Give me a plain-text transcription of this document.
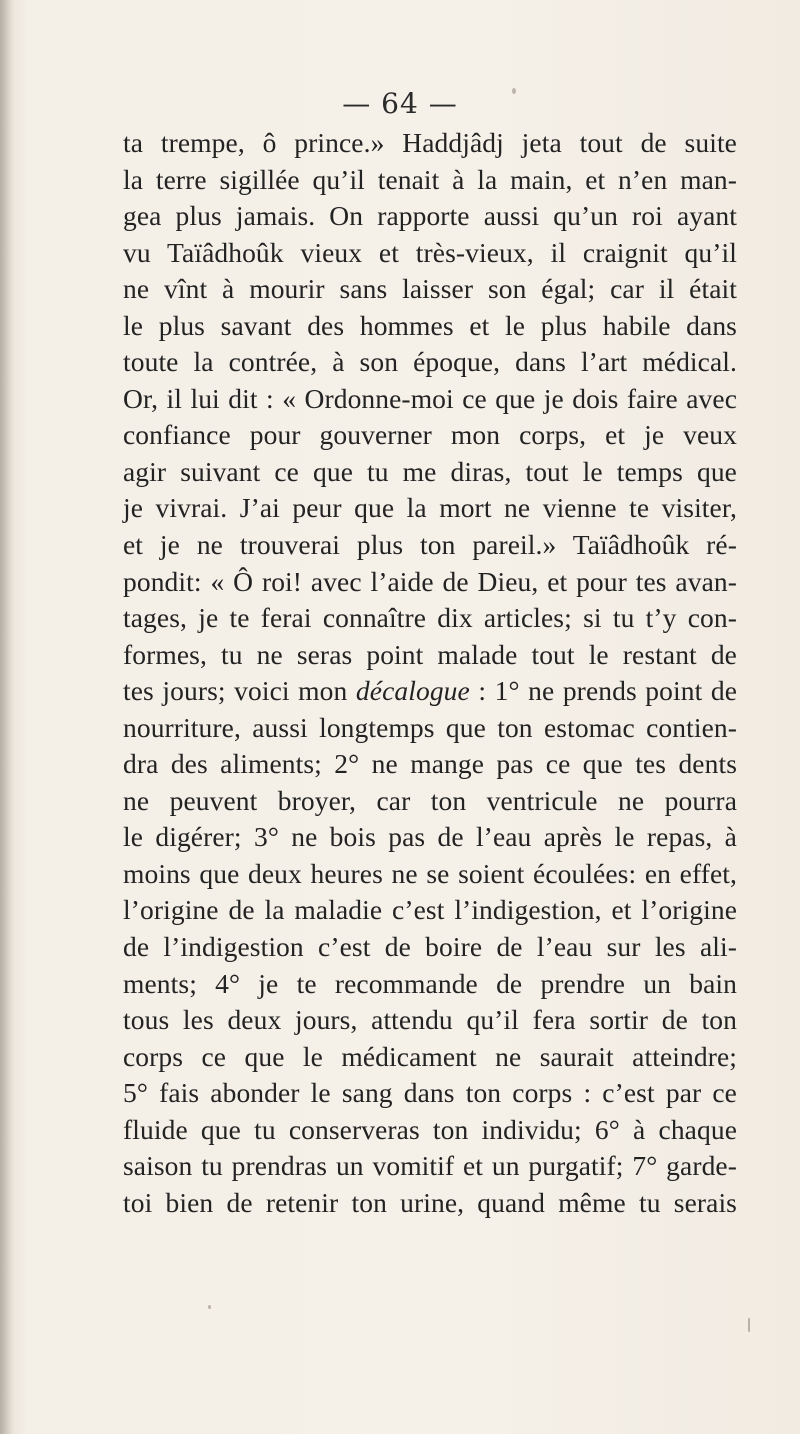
— 64 —
ta trempe, ô prince.» Haddjâdj jeta tout de suite
la terre sigillée qu’il tenait à la main, et n’en man-
gea plus jamais. On rapporte aussi qu’un roi ayant
vu Taïâdhoûk vieux et très-vieux, il craignit qu’il
ne vînt à mourir sans laisser son égal; car il était
le plus savant des hommes et le plus habile dans
toute la contrée, à son époque, dans l’art médical.
Or, il lui dit : « Ordonne-moi ce que je dois faire avec
confiance pour gouverner mon corps, et je veux
agir suivant ce que tu me diras, tout le temps que
je vivrai. J’ai peur que la mort ne vienne te visiter,
et je ne trouverai plus ton pareil.» Taïâdhoûk ré-
pondit: « Ô roi! avec l’aide de Dieu, et pour tes avan-
tages, je te ferai connaître dix articles; si tu t’y con-
formes, tu ne seras point malade tout le restant de
tes jours; voici mon décalogue : 1° ne prends point de
nourriture, aussi longtemps que ton estomac contien-
dra des aliments; 2° ne mange pas ce que tes dents
ne peuvent broyer, car ton ventricule ne pourra
le digérer; 3° ne bois pas de l’eau après le repas, à
moins que deux heures ne se soient écoulées: en effet,
l’origine de la maladie c’est l’indigestion, et l’origine
de l’indigestion c’est de boire de l’eau sur les ali-
ments; 4° je te recommande de prendre un bain
tous les deux jours, attendu qu’il fera sortir de ton
corps ce que le médicament ne saurait atteindre;
5° fais abonder le sang dans ton corps : c’est par ce
fluide que tu conserveras ton individu; 6° à chaque
saison tu prendras un vomitif et un purgatif; 7° garde-
toi bien de retenir ton urine, quand même tu serais
